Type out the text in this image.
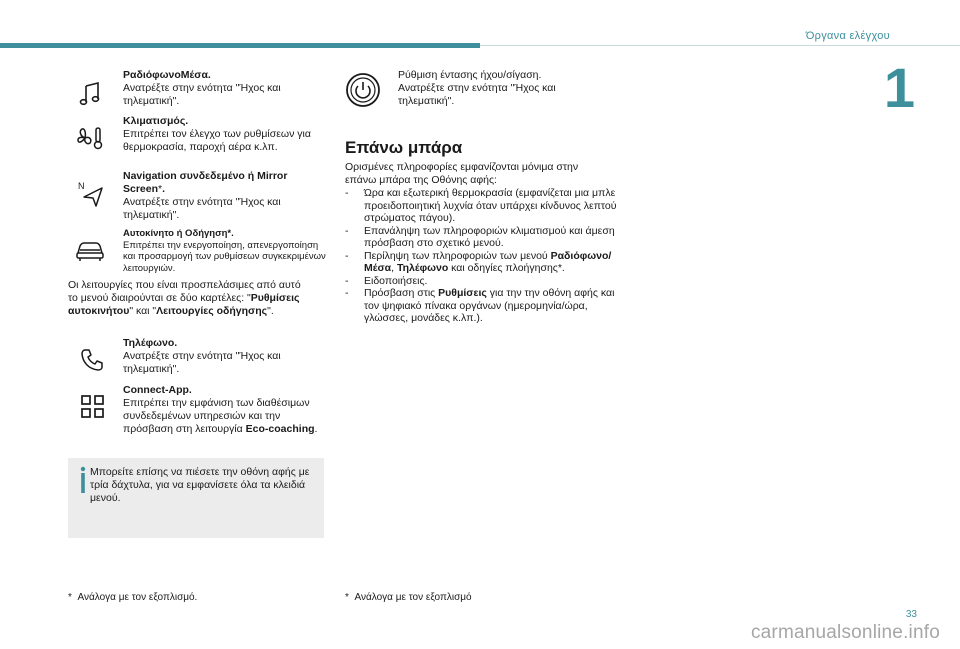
Όργανα ελέγχου
1
ΡαδιόφωνοΜέσα.
Ανατρέξτε στην ενότητα "Ήχος και τηλεματική".
Κλιματισμός.
Επιτρέπει τον έλεγχο των ρυθμίσεων για θερμοκρασία, παροχή αέρα κ.λπ.
N
Navigation συνδεδεμένο ή Mirror Screen*.
Ανατρέξτε στην ενότητα "Ήχος και τηλεματική".
Αυτοκίνητο ή Οδήγηση*.
Επιτρέπει την ενεργοποίηση, απενεργοποίηση και προσαρμογή των ρυθμίσεων συγκεκριμένων λειτουργιών.
Οι λειτουργίες που είναι προσπελάσιμες από αυτό το μενού διαιρούνται σε δύο καρτέλες: "Ρυθμίσεις αυτοκινήτου" και "Λειτουργίες οδήγησης".
Τηλέφωνο.
Ανατρέξτε στην ενότητα "Ήχος και τηλεματική".
Connect-App.
Επιτρέπει την εμφάνιση των διαθέσιμων συνδεδεμένων υπηρεσιών και την πρόσβαση στη λειτουργία Eco-coaching.
Μπορείτε επίσης να πιέσετε την οθόνη αφής με τρία δάχτυλα, για να εμφανίσετε όλα τα κλειδιά μενού.
Ρύθμιση έντασης ήχου/σίγαση. Ανατρέξτε στην ενότητα "Ήχος και τηλεματική".
Επάνω μπάρα
Ορισμένες πληροφορίες εμφανίζονται μόνιμα στην επάνω μπάρα της Οθόνης αφής:
- Ώρα και εξωτερική θερμοκρασία (εμφανίζεται μια μπλε προειδοποιητική λυχνία όταν υπάρχει κίνδυνος λεπτού στρώματος πάγου).
- Επανάληψη των πληροφοριών κλιματισμού και άμεση πρόσβαση στο σχετικό μενού.
- Περίληψη των πληροφοριών των μενού Ραδιόφωνο/Μέσα, Τηλέφωνο και οδηγίες πλοήγησης*.
- Ειδοποιήσεις.
- Πρόσβαση στις Ρυθμίσεις για την την οθόνη αφής και τον ψηφιακό πίνακα οργάνων (ημερομηνία/ώρα, γλώσσες, μονάδες κ.λπ.).
* Ανάλογα με τον εξοπλισμό.	* Ανάλογα με τον εξοπλισμό
33
carmanualsonline.info
